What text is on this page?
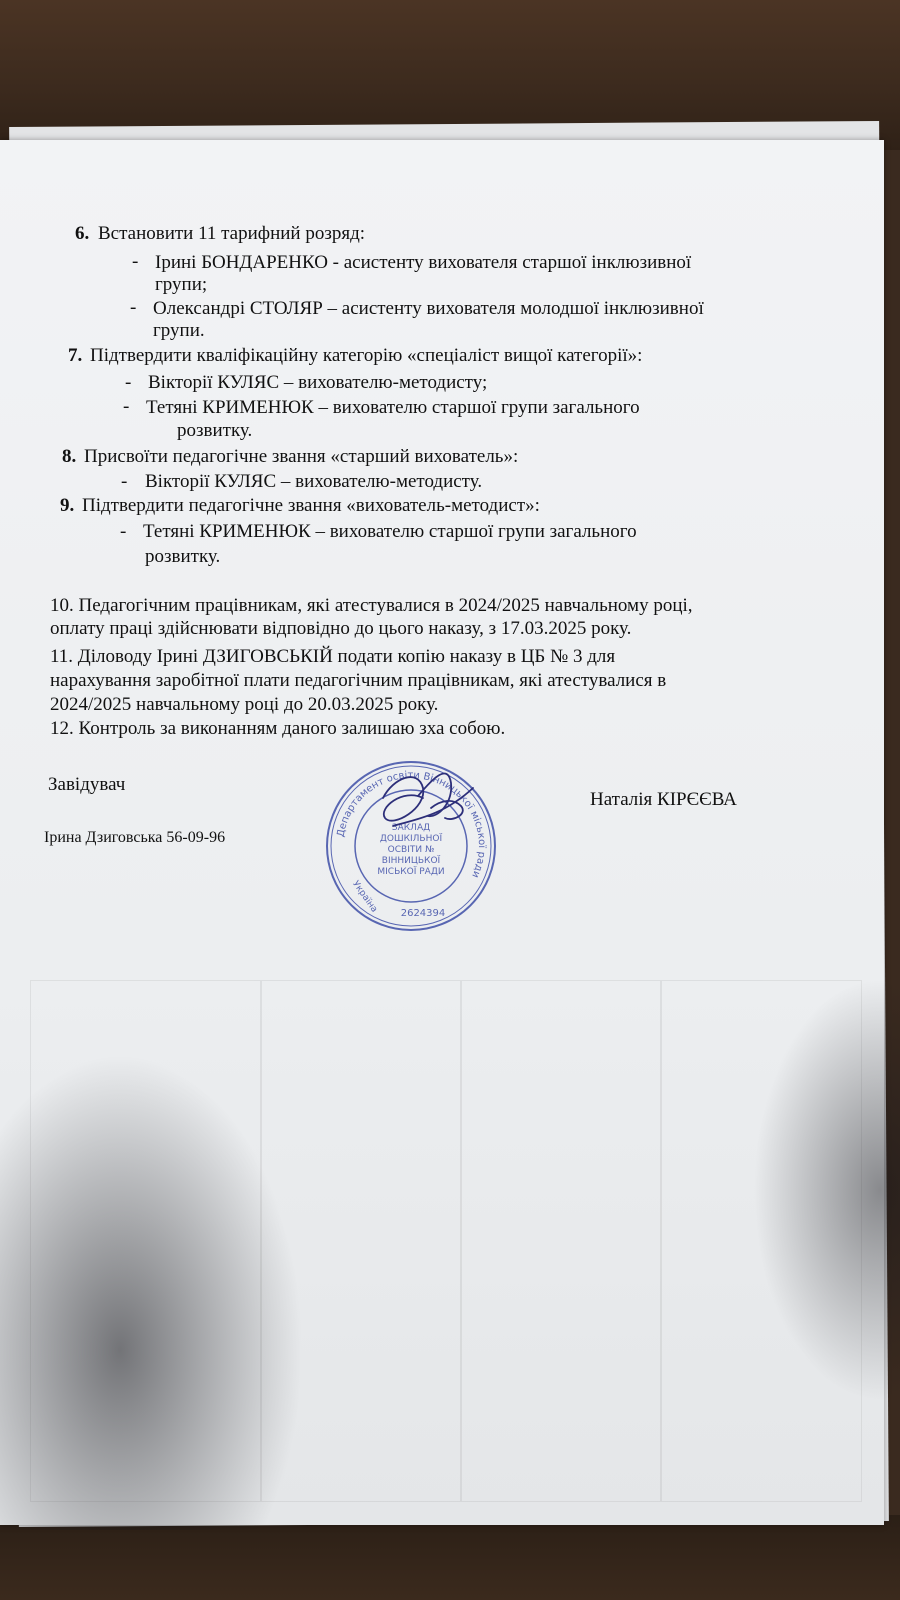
6. Встановити 11 тарифний розряд:
- Ірині БОНДАРЕНКО - асистенту вихователя старшої інклюзивної
групи;
- Олександрі СТОЛЯР – асистенту вихователя молодшої інклюзивної
групи.
7. Підтвердити кваліфікаційну категорію «спеціаліст вищої категорії»:
- Вікторії КУЛЯС – вихователю-методисту;
- Тетяні КРИМЕНЮК – вихователю старшої групи загального
розвитку.
8. Присвоїти педагогічне звання «старший вихователь»:
- Вікторії КУЛЯС – вихователю-методисту.
9. Підтвердити педагогічне звання «вихователь-методист»:
- Тетяні КРИМЕНЮК – вихователю старшої групи загального
розвитку.
10. Педагогічним працівникам, які атестувалися в 2024/2025 навчальному році,
оплату праці здійснювати відповідно до цього наказу, з 17.03.2025 року.
11. Діловоду Ірині ДЗИГОВСЬКІЙ подати копію наказу в ЦБ № 3 для
нарахування заробітної плати педагогічним працівникам, які атестувалися в
2024/2025 навчальному році до 20.03.2025 року.
12. Контроль за виконанням даного залишаю зха собою.
Завідувач
Наталія КІРЄЄВА
Ірина Дзиговська 56-09-96	Департамент освіти Вінницької міської ради
ЗАКЛАД
ДОШКІЛЬНОЇ
ОСВІТИ №
ВІННИЦЬКОЇ
МІСЬКОЇ РАДИ
2624394
Україна
